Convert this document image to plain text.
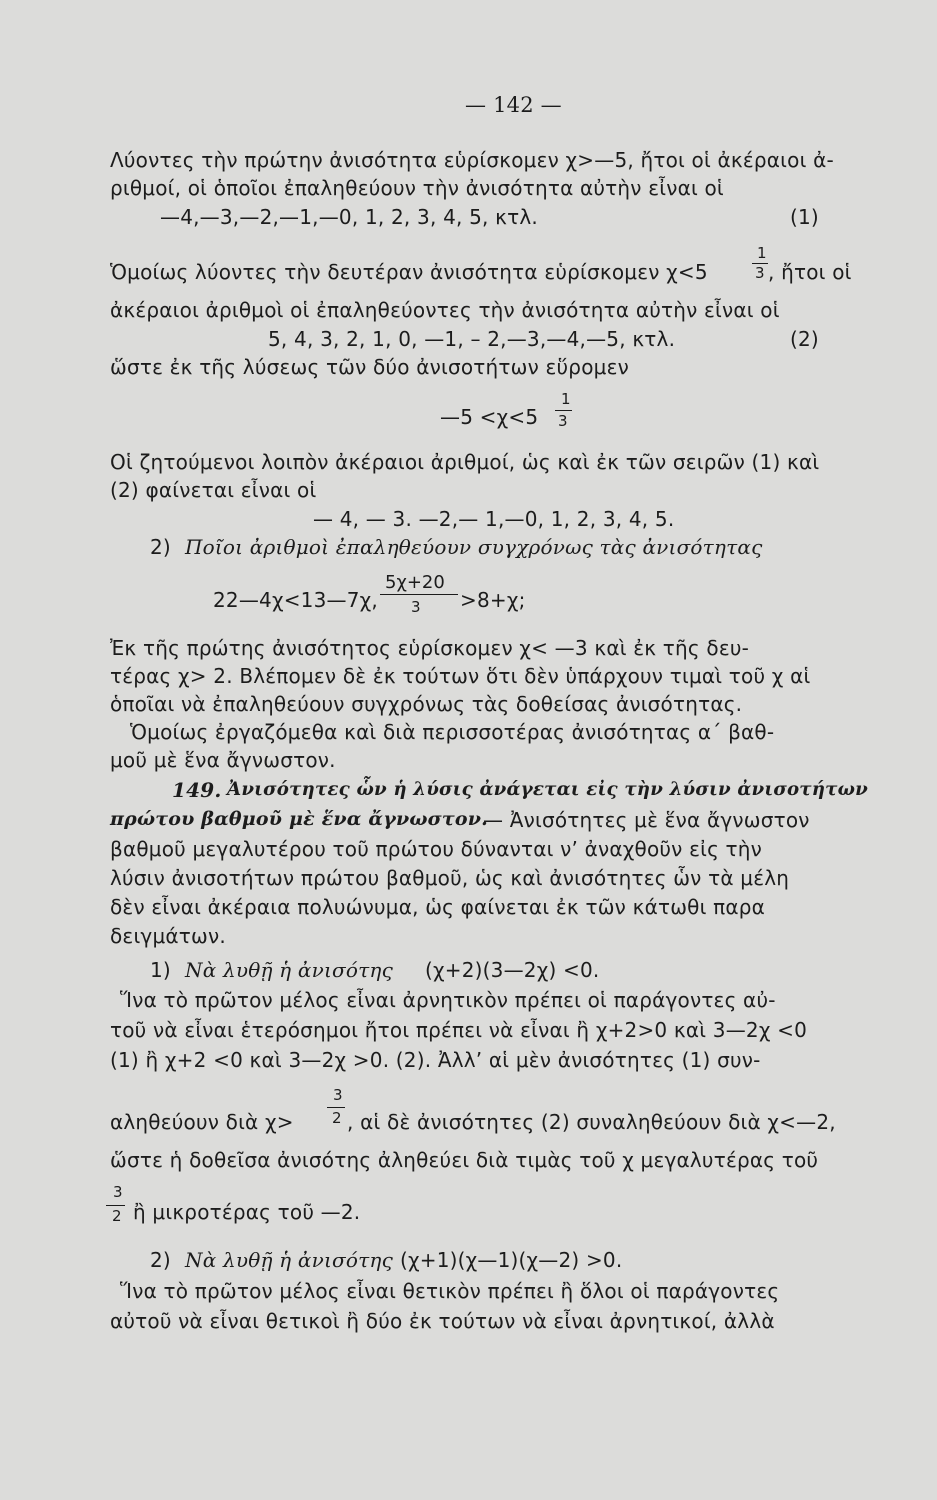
— 142 —
Λύοντες τὴν πρώτην ἀνισότητα εὑρίσκομεν χ>—5, ἤτοι οἱ ἀκέραιοι ἀ-
ριθμοί, οἱ ὁποῖοι ἐπαληθεύουν τὴν ἀνισότητα αὐτὴν εἶναι οἱ
—4,—3,—2,—1,—0, 1, 2, 3, 4, 5, κτλ.	(1)
Ὁμοίως λύοντες τὴν δευτέραν ἀνισότητα εὑρίσκομεν χ<5
1
3 , ἤτοι οἱ
ἀκέραιοι ἀριθμοὶ οἱ ἐπαληθεύοντες τὴν ἀνισότητα αὐτὴν εἶναι οἱ
5, 4, 3, 2, 1, 0, —1, – 2,—3,—4,—5, κτλ.	(2)
ὥστε ἐκ τῆς λύσεως τῶν δύο ἀνισοτήτων εὕρομεν
—5 <χ<5
1
3
Οἱ ζητούμενοι λοιπὸν ἀκέραιοι ἀριθμοί, ὡς καὶ ἐκ τῶν σειρῶν (1) καὶ
(2) φαίνεται εἶναι οἱ
— 4, — 3. —2,— 1,—0, 1, 2, 3, 4, 5.
2) Ποῖοι ἀριθμοὶ ἐπαληθεύουν συγχρόνως τὰς ἀνισότητας
22—4χ<13—7χ,
5χ+20
3 >8+χ;
Ἐκ τῆς πρώτης ἀνισότητος εὑρίσκομεν χ< —3 καὶ ἐκ τῆς δευ-
τέρας χ> 2. Βλέπομεν δὲ ἐκ τούτων ὅτι δὲν ὑπάρχουν τιμαὶ τοῦ χ αἱ
ὁποῖαι νὰ ἐπαληθεύουν συγχρόνως τὰς δοθείσας ἀνισότητας.
Ὁμοίως ἐργαζόμεθα καὶ διὰ περισσοτέρας ἀνισότητας α΄ βαθ-
μοῦ μὲ ἕνα ἄγνωστον.
149. Ἀνισότητες ὧν ἡ λύσις ἀνάγεται εἰς τὴν λύσιν ἀνισοτήτων
πρώτου βαθμοῦ μὲ ἕνα ἄγνωστον.
— Ἀνισότητες μὲ ἕνα ἄγνωστον
βαθμοῦ μεγαλυτέρου τοῦ πρώτου δύνανται ν’ ἀναχθοῦν εἰς τὴν
λύσιν ἀνισοτήτων πρώτου βαθμοῦ, ὡς καὶ ἀνισότητες ὧν τὰ μέλη
δὲν εἶναι ἀκέραια πολυώνυμα, ὡς φαίνεται ἐκ τῶν κάτωθι παρα
δειγμάτων.
1) Νὰ λυθῇ ἡ ἀνισότης (χ+2)(3—2χ) <0.
Ἵνα τὸ πρῶτον μέλος εἶναι ἀρνητικὸν πρέπει οἱ παράγοντες αὐ-
τοῦ νὰ εἶναι ἑτερόσημοι ἤτοι πρέπει νὰ εἶναι ἢ χ+2>0 καὶ 3—2χ <0
(1) ἢ χ+2 <0 καὶ 3—2χ >0. (2). Ἀλλ’ αἱ μὲν ἀνισότητες (1) συν-
αληθεύουν διὰ χ>
3
2 , αἱ δὲ ἀνισότητες (2) συναληθεύουν διὰ χ<—2,
ὥστε ἡ δοθεῖσα ἀνισότης ἀληθεύει διὰ τιμὰς τοῦ χ μεγαλυτέρας τοῦ
3
2 ἢ μικροτέρας τοῦ —2.
2) Νὰ λυθῇ ἡ ἀνισότης (χ+1)(χ—1)(χ—2) >0.
Ἵνα τὸ πρῶτον μέλος εἶναι θετικὸν πρέπει ἢ ὅλοι οἱ παράγοντες
αὐτοῦ νὰ εἶναι θετικοὶ ἢ δύο ἐκ τούτων νὰ εἶναι ἀρνητικοί, ἀλλὰ
